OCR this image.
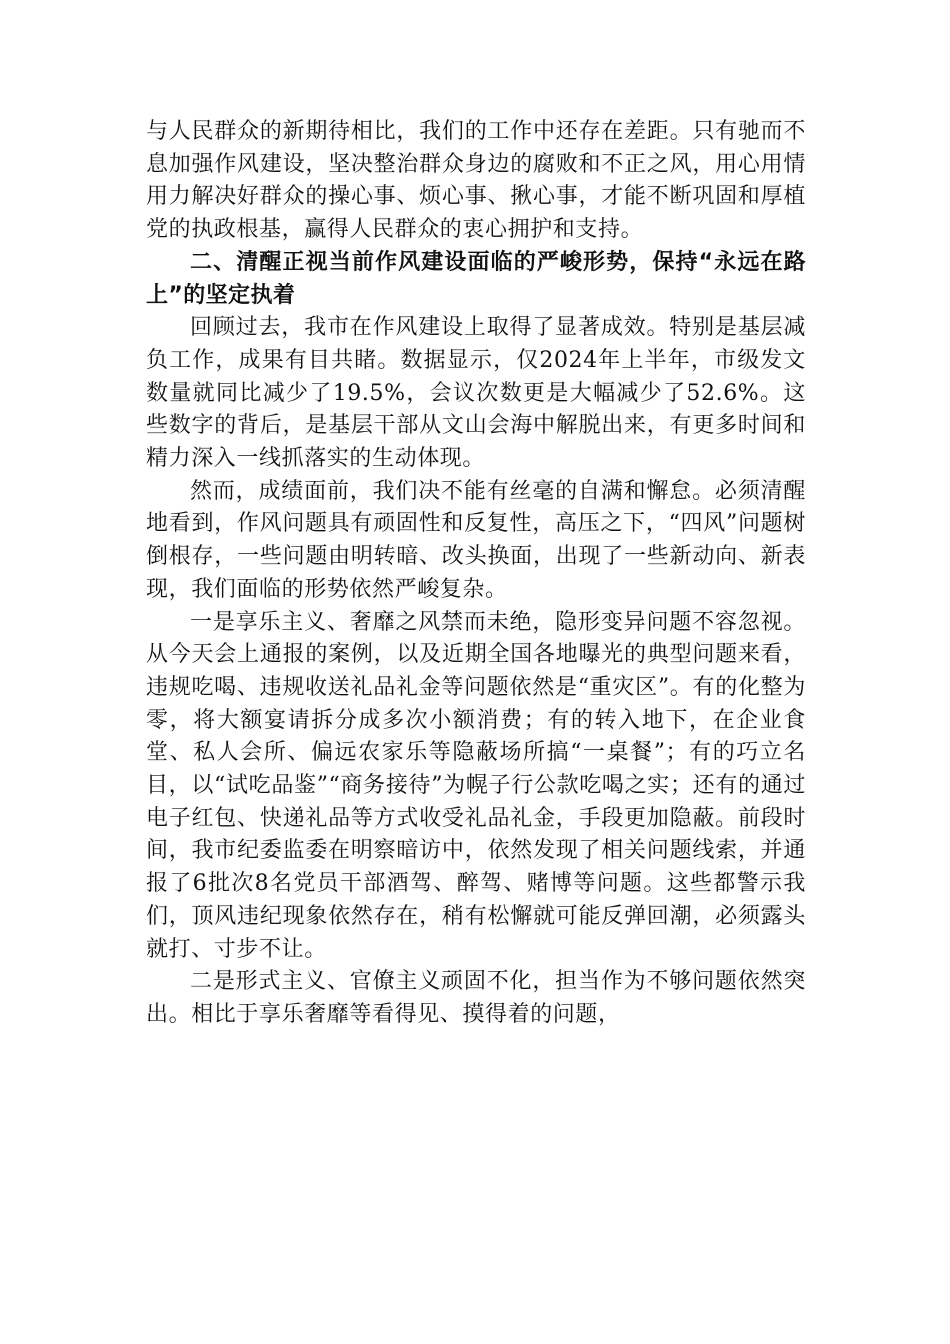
与人民群众的新期待相比，我们的工作中还存在差距。只有驰而不息加强作风建设，坚决整治群众身边的腐败和不正之风，用心用情用力解决好群众的操心事、烦心事、揪心事，才能不断巩固和厚植党的执政根基，赢得人民群众的衷心拥护和支持。

二、清醒正视当前作风建设面临的严峻形势，保持“永远在路上”的坚定执着

回顾过去，我市在作风建设上取得了显著成效。特别是基层减负工作，成果有目共睹。数据显示，仅2024年上半年，市级发文数量就同比减少了19.5%，会议次数更是大幅减少了52.6%。这些数字的背后，是基层干部从文山会海中解脱出来，有更多时间和精力深入一线抓落实的生动体现。

然而，成绩面前，我们决不能有丝毫的自满和懈怠。必须清醒地看到，作风问题具有顽固性和反复性，高压之下，“四风”问题树倒根存，一些问题由明转暗、改头换面，出现了一些新动向、新表现，我们面临的形势依然严峻复杂。

一是享乐主义、奢靡之风禁而未绝，隐形变异问题不容忽视。从今天会上通报的案例，以及近期全国各地曝光的典型问题来看，违规吃喝、违规收送礼品礼金等问题依然是“重灾区”。有的化整为零，将大额宴请拆分成多次小额消费；有的转入地下，在企业食堂、私人会所、偏远农家乐等隐蔽场所搞“一桌餐”；有的巧立名目，以“试吃品鉴”“商务接待”为幌子行公款吃喝之实；还有的通过电子红包、快递礼品等方式收受礼品礼金，手段更加隐蔽。前段时间，我市纪委监委在明察暗访中，依然发现了相关问题线索，并通报了6批次8名党员干部酒驾、醉驾、赌博等问题。这些都警示我们，顶风违纪现象依然存在，稍有松懈就可能反弹回潮，必须露头就打、寸步不让。

二是形式主义、官僚主义顽固不化，担当作为不够问题依然突出。相比于享乐奢靡等看得见、摸得着的问题，
